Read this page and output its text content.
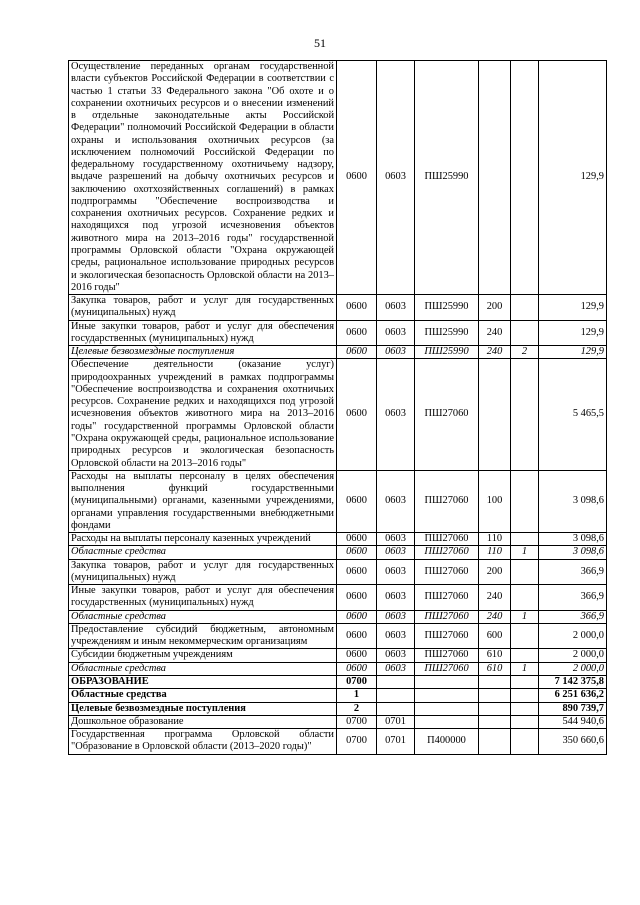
51
Осуществление переданных органам государственной власти субъектов Российской Федерации в соответствии с частью 1 статьи 33 Федерального закона "Об охоте и о сохранении охотничьих ресурсов и о внесении изменений в отдельные законодательные акты Российской Федерации" полномочий Российской Федерации в области охраны и использования охотничьих ресурсов (за исключением полномочий Российской Федерации по федеральному государственному охотничьему надзору, выдаче разрешений на добычу охотничьих ресурсов и заключению охотхозяйственных соглашений) в рамках подпрограммы "Обеспечение воспроизводства и сохранения охотничьих ресурсов. Сохранение редких и находящихся под угрозой исчезновения объектов животного мира на 2013–2016 годы" государственной программы Орловской области "Охрана окружающей среды, рациональное использование природных ресурсов и экологическая безопасность Орловской области на 2013–2016 годы"	0600	0603	ПШ25990			129,9
Закупка товаров, работ и услуг для государственных (муниципальных) нужд	0600	0603	ПШ25990	200		129,9
Иные закупки товаров, работ и услуг для обеспечения государственных (муниципальных) нужд	0600	0603	ПШ25990	240		129,9
Целевые безвозмездные поступления	0600	0603	ПШ25990	240	2	129,9
Обеспечение деятельности (оказание услуг) природоохранных учреждений в рамках подпрограммы "Обеспечение воспроизводства и сохранения охотничьих ресурсов. Сохранение редких и находящихся под угрозой исчезновения объектов животного мира на 2013–2016 годы" государственной программы Орловской области "Охрана окружающей среды, рациональное использование природных ресурсов и экологическая безопасность Орловской области на 2013–2016 годы"	0600	0603	ПШ27060			5 465,5
Расходы на выплаты персоналу в целях обеспечения выполнения функций государственными (муниципальными) органами, казенными учреждениями, органами управления государственными внебюджетными фондами	0600	0603	ПШ27060	100		3 098,6
Расходы на выплаты персоналу казенных учреждений	0600	0603	ПШ27060	110		3 098,6
Областные средства	0600	0603	ПШ27060	110	1	3 098,6
Закупка товаров, работ и услуг для государственных (муниципальных) нужд	0600	0603	ПШ27060	200		366,9
Иные закупки товаров, работ и услуг для обеспечения государственных (муниципальных) нужд	0600	0603	ПШ27060	240		366,9
Областные средства	0600	0603	ПШ27060	240	1	366,9
Предоставление субсидий бюджетным, автономным учреждениям и иным некоммерческим организациям	0600	0603	ПШ27060	600		2 000,0
Субсидии бюджетным учреждениям	0600	0603	ПШ27060	610		2 000,0
Областные средства	0600	0603	ПШ27060	610	1	2 000,0
ОБРАЗОВАНИЕ	0700					7 142 375,8
Областные средства	1					6 251 636,2
Целевые безвозмездные поступления	2					890 739,7
Дошкольное образование	0700	0701				544 940,6
Государственная программа Орловской области "Образование в Орловской области (2013–2020 годы)"	0700	0701	П400000			350 660,6
